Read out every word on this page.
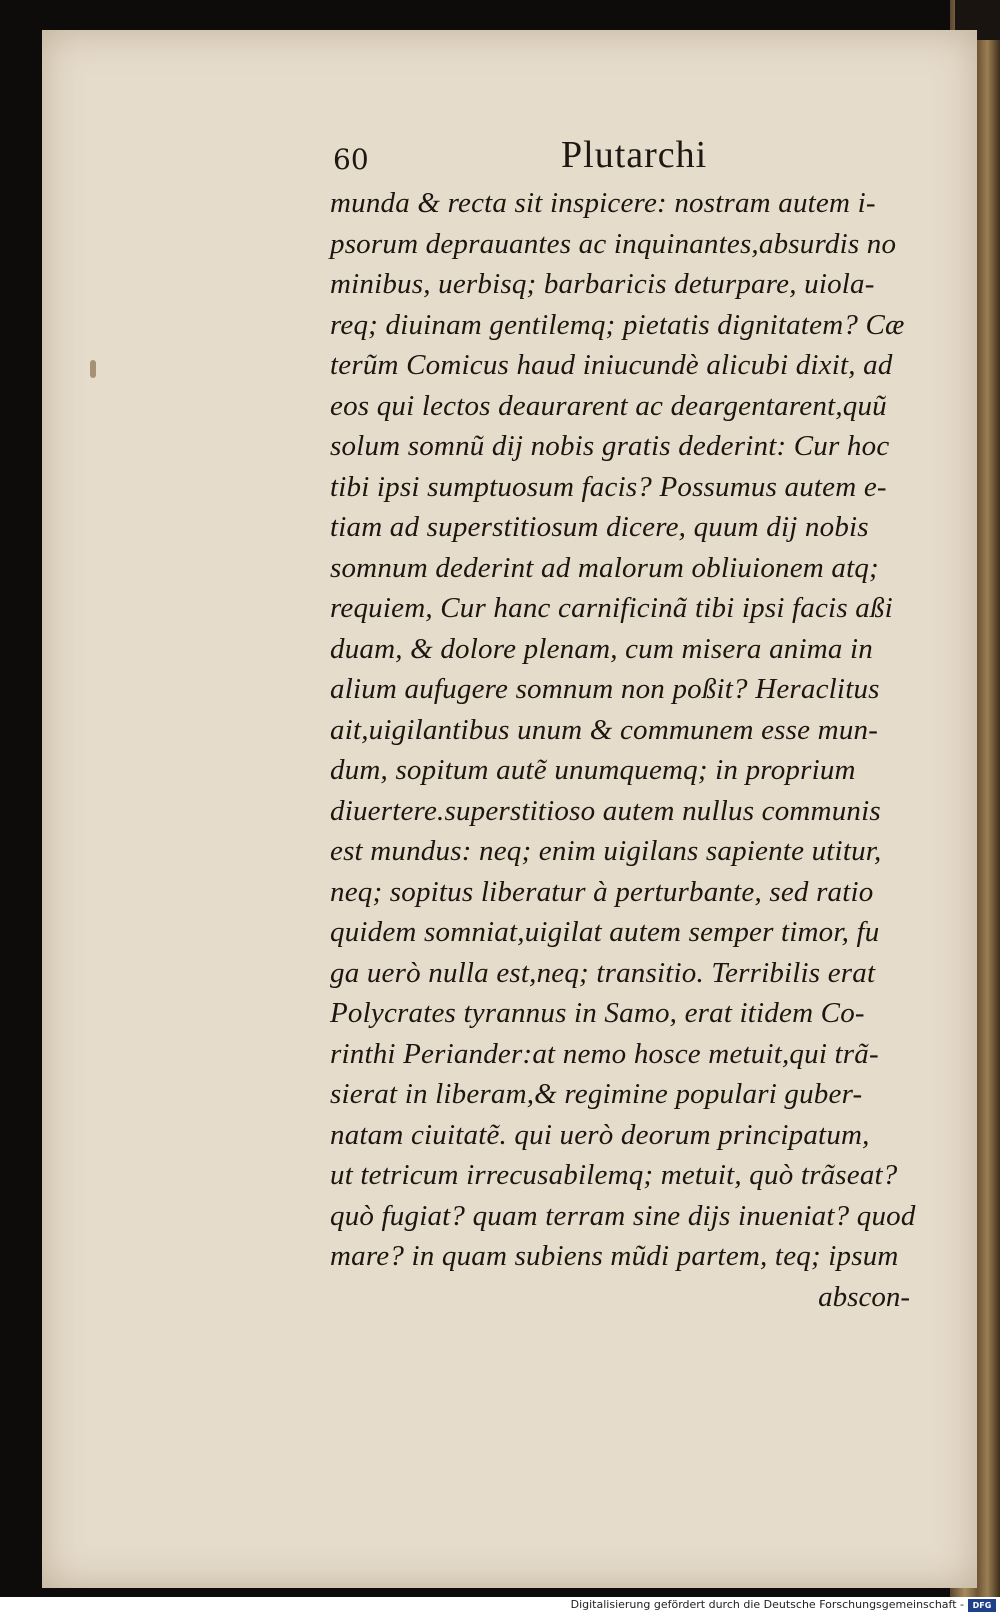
60	Plutarchi
munda & recta sit inspicere: nostram autem i-
psorum deprauantes ac inquinantes,absurdis no
minibus, uerbisq; barbaricis deturpare, uiola-
req; diuinam gentilemq; pietatis dignitatem? Cæ
terũm Comicus haud iniucundè alicubi dixit, ad
eos qui lectos deaurarent ac deargentarent,quũ
solum somnũ dij nobis gratis dederint: Cur hoc
tibi ipsi sumptuosum facis? Possumus autem e-
tiam ad superstitiosum dicere, quum dij nobis
somnum dederint ad malorum obliuionem atq;
requiem, Cur hanc carnificinã tibi ipsi facis aßi
duam, & dolore plenam, cum misera anima in
alium aufugere somnum non poßit? Heraclitus
ait,uigilantibus unum & communem esse mun-
dum, sopitum autẽ unumquemq; in proprium
diuertere.superstitioso autem nullus communis
est mundus: neq; enim uigilans sapiente utitur,
neq; sopitus liberatur à perturbante, sed ratio
quidem somniat,uigilat autem semper timor, fu
ga uerò nulla est,neq; transitio. Terribilis erat
Polycrates tyrannus in Samo, erat itidem Co-
rinthi Periander:at nemo hosce metuit,qui trã-
sierat in liberam,& regimine populari guber-
natam ciuitatẽ. qui uerò deorum principatum,
ut tetricum irrecusabilemq; metuit, quò trãseat?
quò fugiat? quam terram sine dijs inueniat? quod
mare? in quam subiens mũdi partem, teq; ipsum
abscon-
Digitalisierung gefördert durch die Deutsche Forschungsgemeinschaft -	DFG
